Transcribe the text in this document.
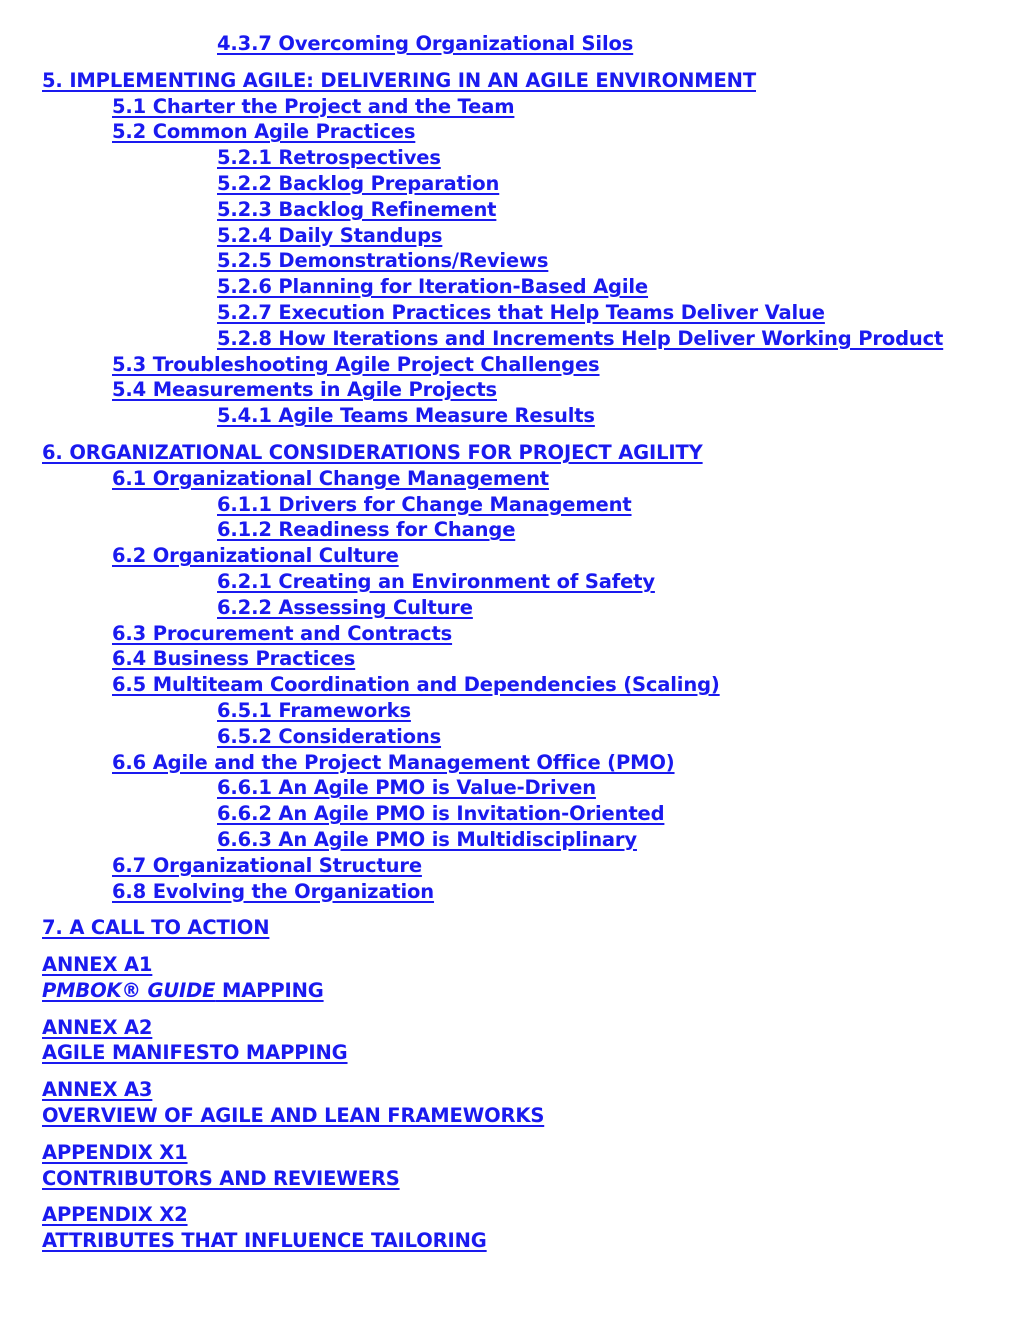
4.3.7 Overcoming Organizational Silos
5. IMPLEMENTING AGILE: DELIVERING IN AN AGILE ENVIRONMENT
5.1 Charter the Project and the Team
5.2 Common Agile Practices
5.2.1 Retrospectives
5.2.2 Backlog Preparation
5.2.3 Backlog Refinement
5.2.4 Daily Standups
5.2.5 Demonstrations/Reviews
5.2.6 Planning for Iteration-Based Agile
5.2.7 Execution Practices that Help Teams Deliver Value
5.2.8 How Iterations and Increments Help Deliver Working Product
5.3 Troubleshooting Agile Project Challenges
5.4 Measurements in Agile Projects
5.4.1 Agile Teams Measure Results
6. ORGANIZATIONAL CONSIDERATIONS FOR PROJECT AGILITY
6.1 Organizational Change Management
6.1.1 Drivers for Change Management
6.1.2 Readiness for Change
6.2 Organizational Culture
6.2.1 Creating an Environment of Safety
6.2.2 Assessing Culture
6.3 Procurement and Contracts
6.4 Business Practices
6.5 Multiteam Coordination and Dependencies (Scaling)
6.5.1 Frameworks
6.5.2 Considerations
6.6 Agile and the Project Management Office (PMO)
6.6.1 An Agile PMO is Value-Driven
6.6.2 An Agile PMO is Invitation-Oriented
6.6.3 An Agile PMO is Multidisciplinary
6.7 Organizational Structure
6.8 Evolving the Organization
7. A CALL TO ACTION
ANNEX A1
PMBOK® GUIDE MAPPING
ANNEX A2
AGILE MANIFESTO MAPPING
ANNEX A3
OVERVIEW OF AGILE AND LEAN FRAMEWORKS
APPENDIX X1
CONTRIBUTORS AND REVIEWERS
APPENDIX X2
ATTRIBUTES THAT INFLUENCE TAILORING
